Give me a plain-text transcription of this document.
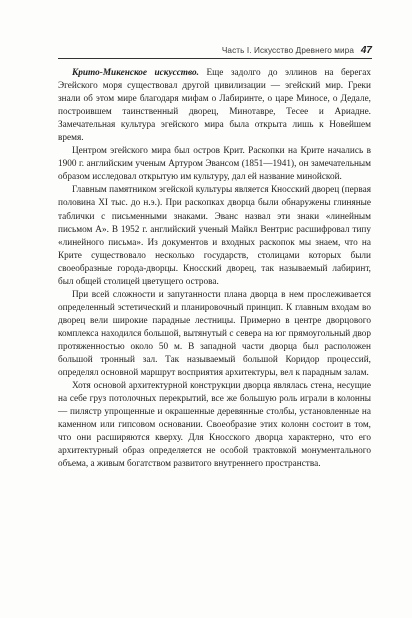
Часть I. Искусство Древнего мира 47

Крито-Микенское искусство. Еще задолго до эллинов на берегах Эгейского моря существовал другой цивилизации — эгейский мир. Греки знали об этом мире благодаря мифам о Лабиринте, о царе Миносе, о Дедале, построившем таинственный дворец, Минотавре, Тесее и Ариадне. Замечательная культура эгейского мира была открыта лишь к Новейшем время.

Центром эгейского мира был остров Крит. Раскопки на Крите начались в 1900 г. английским ученым Артуром Эвансом (1851—1941), он замечательным образом исследовал открытую им культуру, дал ей название минойской.

Главным памятником эгейской культуры является Кносский дворец (первая половина XI тыс. до н.э.). При раскопках дворца были обнаружены глиняные таблички с письменными знаками. Эванс назвал эти знаки «линейным письмом А». В 1952 г. английский ученый Майкл Вентрис расшифровал типу «линейного письма». Из документов и входных раскопок мы знаем, что на Крите существовало несколько государств, столицами которых были своеобразные города-дворцы. Кносский дворец, так называемый лабиринт, был общей столицей цветущего острова.

При всей сложности и запутанности плана дворца в нем прослеживается определенный эстетический и планировочный принцип. К главным входам во дворец вели широкие парадные лестницы. Примерно в центре дворцового комплекса находился большой, вытянутый с севера на юг прямоугольный двор протяженностью около 50 м. В западной части дворца был расположен большой тронный зал. Так называемый большой Коридор процессий, определял основной маршрут восприятия архитектуры, вел к парадным залам.

Хотя основой архитектурной конструкции дворца являлась стена, несущие на себе груз потолочных перекрытий, все же большую роль играли в колонны — пилястр упрощенные и окрашенные деревянные столбы, установленные на каменном или гипсовом основании. Своеобразие этих колонн состоит в том, что они расширяются кверху. Для Кносского дворца характерно, что его архитектурный образ определяется не особой трактовкой монументального объема, а живым богатством развитого внутреннего пространства.
